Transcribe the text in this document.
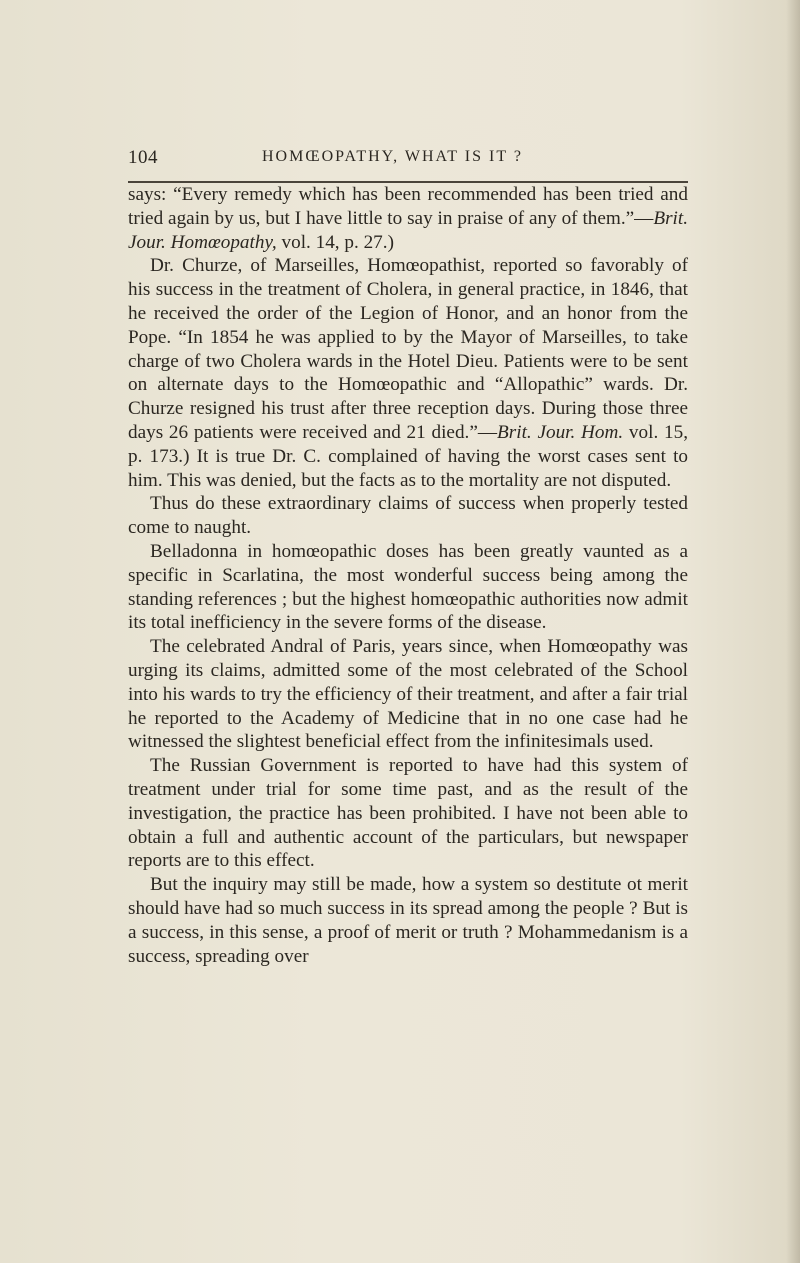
104	HOMŒOPATHY, WHAT IS IT ?

says: “Every remedy which has been recommended has been tried and tried again by us, but I have little to say in praise of any of them.”—Brit. Jour. Homœopathy, vol. 14, p. 27.)

Dr. Churze, of Marseilles, Homœopathist, reported so favorably of his success in the treatment of Cholera, in general practice, in 1846, that he received the order of the Legion of Honor, and an honor from the Pope. “In 1854 he was applied to by the Mayor of Marseilles, to take charge of two Cholera wards in the Hotel Dieu. Patients were to be sent on alternate days to the Homœopathic and “Allopathic” wards. Dr. Churze resigned his trust after three reception days. During those three days 26 patients were received and 21 died.”—Brit. Jour. Hom. vol. 15, p. 173.) It is true Dr. C. complained of having the worst cases sent to him. This was denied, but the facts as to the mortality are not disputed.

Thus do these extraordinary claims of success when properly tested come to naught.

Belladonna in homœopathic doses has been greatly vaunted as a specific in Scarlatina, the most wonderful success being among the standing references ; but the highest homœopathic authorities now admit its total inefficiency in the severe forms of the disease.

The celebrated Andral of Paris, years since, when Homœopathy was urging its claims, admitted some of the most celebrated of the School into his wards to try the efficiency of their treatment, and after a fair trial he reported to the Academy of Medicine that in no one case had he witnessed the slightest beneficial effect from the infinitesimals used.

The Russian Government is reported to have had this system of treatment under trial for some time past, and as the result of the investigation, the practice has been prohibited. I have not been able to obtain a full and authentic account of the particulars, but newspaper reports are to this effect.

But the inquiry may still be made, how a system so destitute ot merit should have had so much success in its spread among the people ? But is a success, in this sense, a proof of merit or truth ? Mohammedanism is a success, spreading over
